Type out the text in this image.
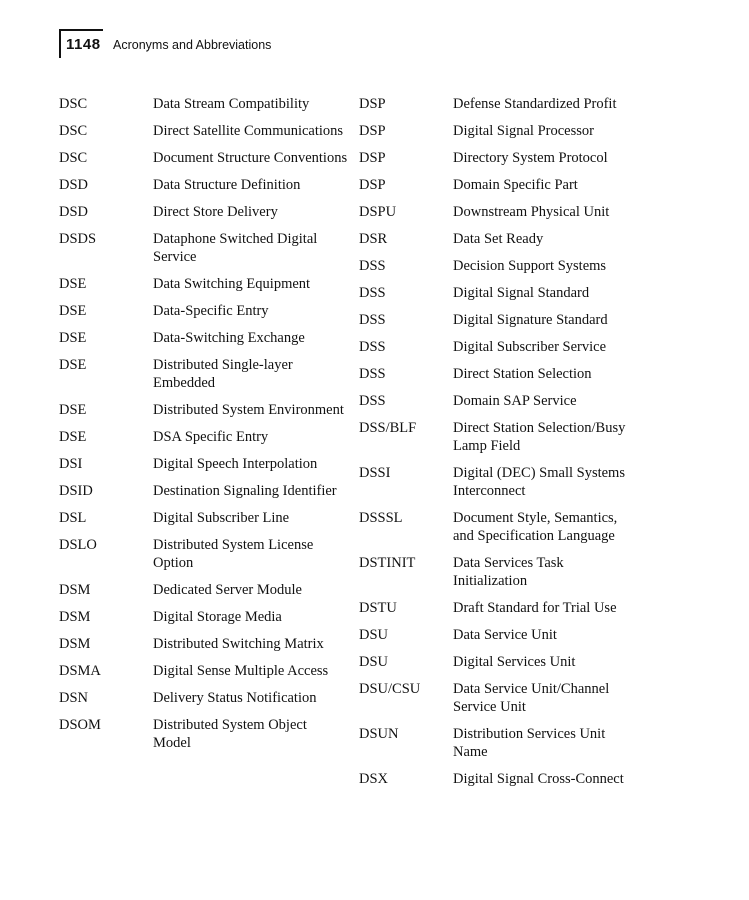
1148 Acronyms and Abbreviations
DSC	Data Stream Compatibility
DSC	Direct Satellite Communications
DSC	Document Structure Conventions
DSD	Data Structure Definition
DSD	Direct Store Delivery
DSDS	Dataphone Switched Digital Service
DSE	Data Switching Equipment
DSE	Data-Specific Entry
DSE	Data-Switching Exchange
DSE	Distributed Single-layer Embedded
DSE	Distributed System Environment
DSE	DSA Specific Entry
DSI	Digital Speech Interpolation
DSID	Destination Signaling Identifier
DSL	Digital Subscriber Line
DSLO	Distributed System License Option
DSM	Dedicated Server Module
DSM	Digital Storage Media
DSM	Distributed Switching Matrix
DSMA	Digital Sense Multiple Access
DSN	Delivery Status Notification
DSOM	Distributed System Object Model
DSP	Defense Standardized Profit
DSP	Digital Signal Processor
DSP	Directory System Protocol
DSP	Domain Specific Part
DSPU	Downstream Physical Unit
DSR	Data Set Ready
DSS	Decision Support Systems
DSS	Digital Signal Standard
DSS	Digital Signature Standard
DSS	Digital Subscriber Service
DSS	Direct Station Selection
DSS	Domain SAP Service
DSS/BLF	Direct Station Selection/Busy Lamp Field
DSSI	Digital (DEC) Small Systems Interconnect
DSSSL	Document Style, Semantics, and Specification Language
DSTINIT	Data Services Task Initialization
DSTU	Draft Standard for Trial Use
DSU	Data Service Unit
DSU	Digital Services Unit
DSU/CSU	Data Service Unit/Channel Service Unit
DSUN	Distribution Services Unit Name
DSX	Digital Signal Cross-Connect
